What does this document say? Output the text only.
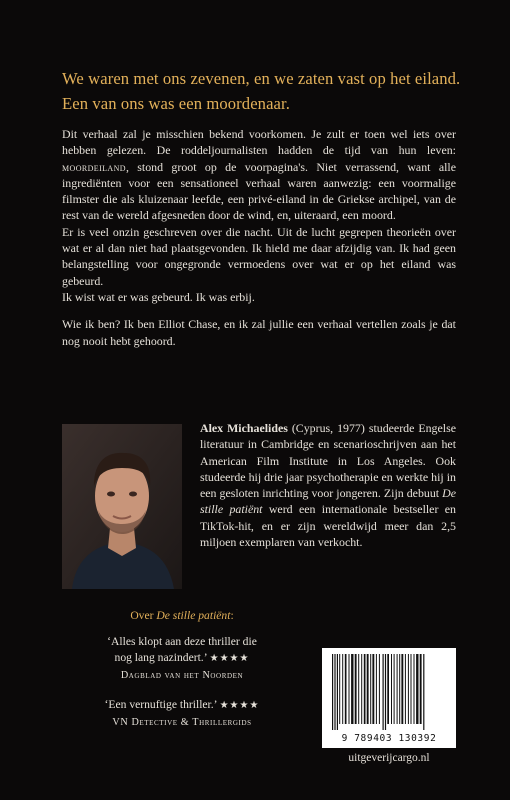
We waren met ons zevenen, en we zaten vast op het eiland.
Een van ons was een moordenaar.

Dit verhaal zal je misschien bekend voorkomen. Je zult er toen wel iets over hebben gelezen. De roddeljournalisten hadden de tijd van hun leven: moordeiland, stond groot op de voorpagina's. Niet verrassend, want alle ingrediënten voor een sensationeel verhaal waren aanwezig: een voormalige filmster die als kluizenaar leefde, een privé-eiland in de Griekse archipel, van de rest van de wereld afgesneden door de wind, en, uiteraard, een moord.

Er is veel onzin geschreven over die nacht. Uit de lucht gegrepen theorieën over wat er al dan niet had plaatsgevonden. Ik hield me daar afzijdig van. Ik had geen belangstelling voor ongegronde vermoedens over wat er op het eiland was gebeurd.

Ik wist wat er was gebeurd. Ik was erbij.

Wie ik ben? Ik ben Elliot Chase, en ik zal jullie een verhaal vertellen zoals je dat nog nooit hebt gehoord.

Alex Michaelides (Cyprus, 1977) studeerde Engelse literatuur in Cambridge en scenarioschrijven aan het American Film Institute in Los Angeles. Ook studeerde hij drie jaar psychotherapie en werkte hij in een gesloten inrichting voor jongeren. Zijn debuut De stille patiënt werd een internationale bestseller en TikTok-hit, en er zijn wereldwijd meer dan 2,5 miljoen exemplaren van verkocht.
Over De stille patiënt:
‘Alles klopt aan deze thriller die
nog lang nazindert.’ ★★★★
Dagblad van het Noorden
‘Een vernuftige thriller.’ ★★★★
VN Detective & Thrillergids
9 789403 130392
uitgeverijcargo.nl
